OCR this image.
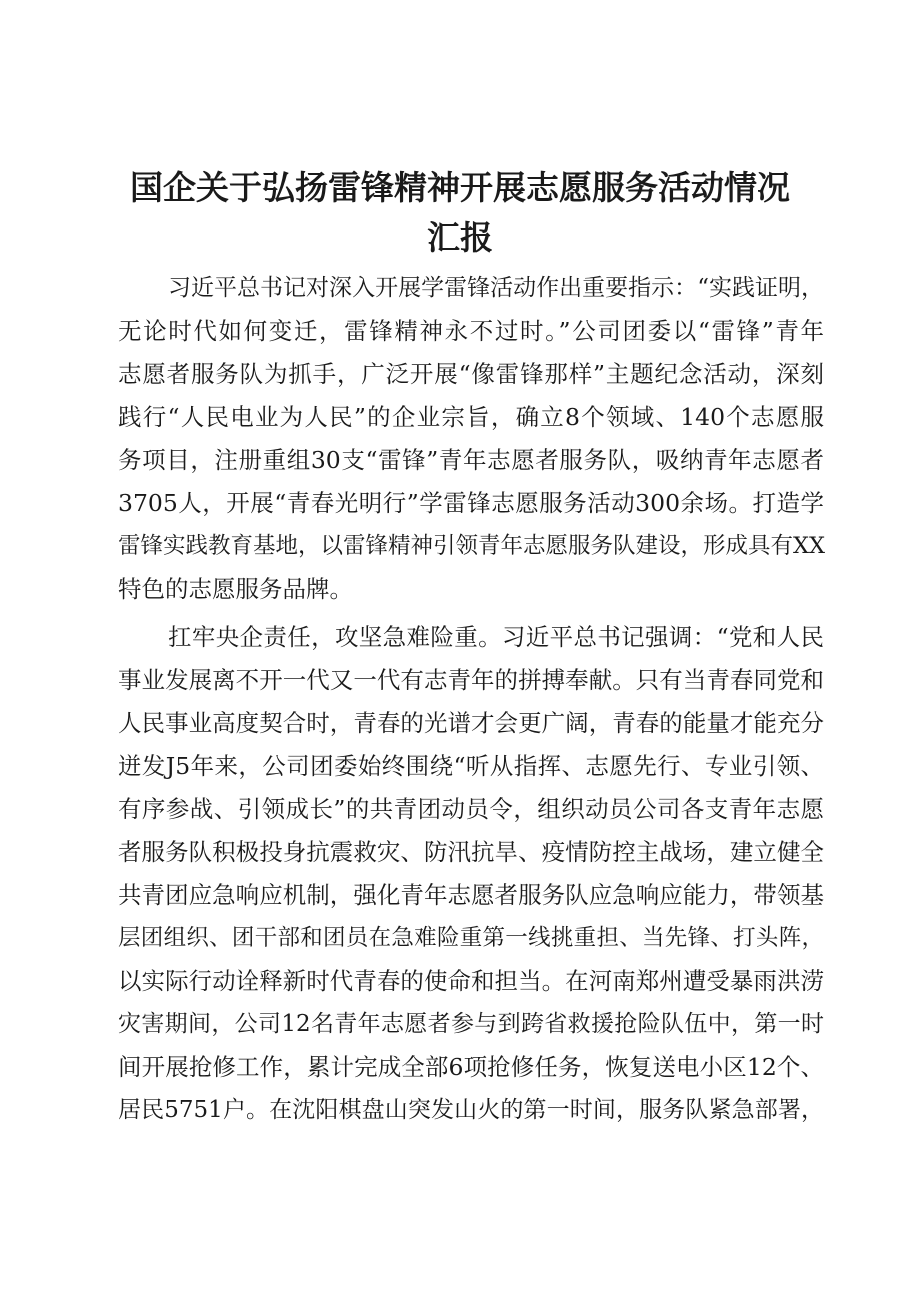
国企关于弘扬雷锋精神开展志愿服务活动情况
汇报
习近平总书记对深入开展学雷锋活动作出重要指示：“实践证明，
无论时代如何变迁，雷锋精神永不过时。”公司团委以“雷锋”青年
志愿者服务队为抓手，广泛开展“像雷锋那样”主题纪念活动，深刻
践行“人民电业为人民”的企业宗旨，确立8个领域、140个志愿服
务项目，注册重组30支“雷锋”青年志愿者服务队，吸纳青年志愿者
3705人，开展“青春光明行”学雷锋志愿服务活动300余场。打造学
雷锋实践教育基地，以雷锋精神引领青年志愿服务队建设，形成具有XX
特色的志愿服务品牌。
扛牢央企责任，攻坚急难险重。习近平总书记强调：“党和人民
事业发展离不开一代又一代有志青年的拼搏奉献。只有当青春同党和
人民事业高度契合时，青春的光谱才会更广阔，青春的能量才能充分
迸发J5年来，公司团委始终围绕“听从指挥、志愿先行、专业引领、
有序参战、引领成长”的共青团动员令，组织动员公司各支青年志愿
者服务队积极投身抗震救灾、防汛抗旱、疫情防控主战场，建立健全
共青团应急响应机制，强化青年志愿者服务队应急响应能力，带领基
层团组织、团干部和团员在急难险重第一线挑重担、当先锋、打头阵，
以实际行动诠释新时代青春的使命和担当。在河南郑州遭受暴雨洪涝
灾害期间，公司12名青年志愿者参与到跨省救援抢险队伍中，第一时
间开展抢修工作，累计完成全部6项抢修任务，恢复送电小区12个、
居民5751户。在沈阳棋盘山突发山火的第一时间，服务队紧急部署，
